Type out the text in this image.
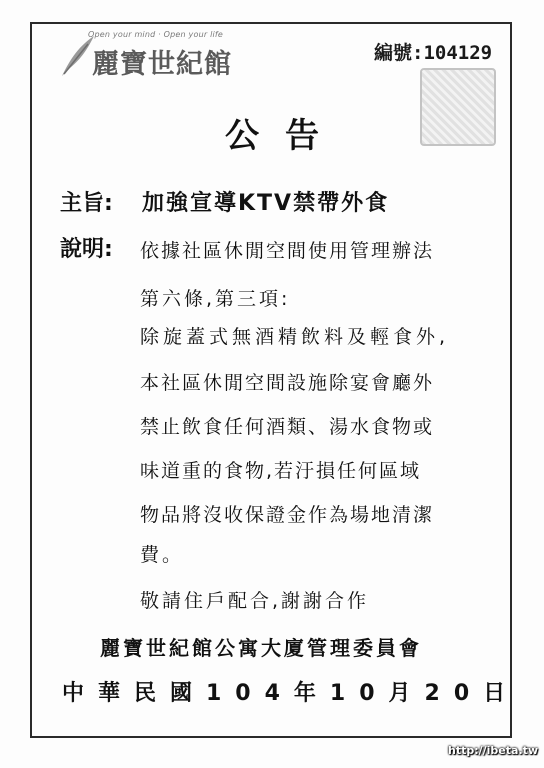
Open your mind · Open your life
麗寶世紀館	編號:104129
公告
主旨: 加強宣導KTV禁帶外食
說明: 依據社區休閒空間使用管理辦法
第六條,第三項:
除旋蓋式無酒精飲料及輕食外,
本社區休閒空間設施除宴會廳外
禁止飲食任何酒類、湯水食物或
味道重的食物,若汙損任何區域
物品將沒收保證金作為場地清潔
費。
敬請住戶配合,謝謝合作
麗寶世紀館公寓大廈管理委員會
中華民國104年10月20日
http://ibeta.tw
